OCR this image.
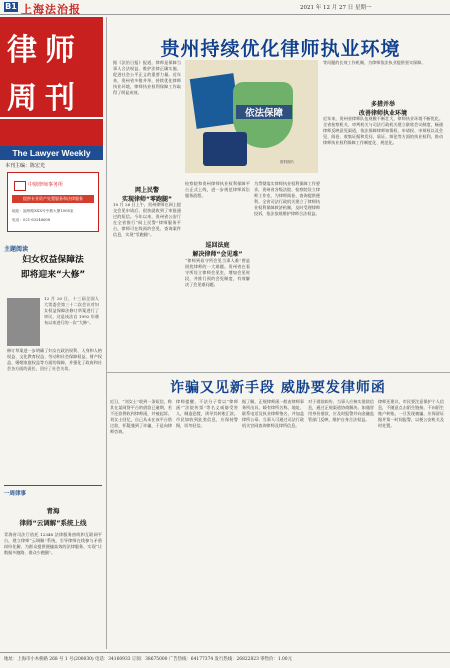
B1 上海法治报	2021 年 12 月 27 日 星期一
律师
周刊
The Lawyer Weekly
本刊主编：陈宏光
中鼎律师事务所
提供专业资产处置服务和法律服务
地址：福州路XXX号中鼎大厦1008室
电话：021-63248608
主题阅读
妇女权益保障法
即将迎来“大修”
12 月 20 日，十三届全国人大常委会第三十二次会议对妇女权益保障法修订草案进行了审议，这是该法自 1992 年颁布以来进行的一次“大修”。
修订草案进一步明确了妇女在政治权利、人身和人格权益、文化教育权益、劳动和社会保障权益、财产权益、婚姻家庭权益等方面的保障，并强化了政府和社会各方面的责任，回应了社会关切。
一周律事
青海
律师“云调解”系统上线
青海省司法厅依托 12348 法律服务热线和互联网平台，建立律师“云调解”系统，引导律师在线参与矛盾纠纷化解，为群众提供便捷高效的法律服务，实现“让数据多跑路、群众少跑腿”。
贵州持续优化律师执业环境
据《法治日报》报道，律师是保障当事人合法权益、维护法律正确实施、促进社会公平正义的重要力量。近年来，贵州省多措并举，持续优化律师执业环境，律师执业权利保障工作取得了明显成效。
网上民警
实现律师“零跑腿”
10 月 26 日上午，贵州律师在网上提交会见申请后，很快就收到了审批通过的短信。今年以来，贵州省公安厅在全省推行“网上民警”律师服务平台，律师可在线预约会见、查询案件信息，实现“零跑腿”。
依法保障
资料图片
等问题的长效工作机制，为律师依法执业提供坚实保障。
多措并举
改善律师执业环境
近年来，贵州省律师队伍规模不断壮大，律师执业环境不断优化。全省检察机关、审判机关与司法行政机关建立联席会议制度，畅通律师反映意见渠道，依法保障律师知情权、申请权、申辩权以及会见、阅卷、收集证据和发问、质证、辩论等方面的执业权利，推动律师执业权利保障工作制度化、规范化。
检察院和贵州律师执业权利保障平台正式上线，进一步规范律师诉讼服务流程。
巡回法庭
解决律师“会见难”
“律师到看守所会见当事人难”曾是困扰律师的一大难题。贵州省在看守所设立律师会见室，增加会见时段，并推行预约会见制度，有效解决了会见难问题。
为贯彻落实律师执业权利保障工作要求，贵州省各级法院、检察院设立律师工作室，为律师阅卷、查询提供便利。全省司法行政机关建立了律师执业权利保障救济机制，及时受理律师投诉，依法依规维护律师合法权益。
诈骗又见新手段 威胁要发律师函
近日，“刘女士”收到一条短信，称其在某网贷平台的借款已逾期，若不还款将收到律师函，并被起诉。刘女士回忆，自己从未在该平台借过款，怀疑遇到了诈骗，于是向律师咨询。
律师提醒，不法分子常以“律师函”“法院传票”等名义威胁受害人，制造恐慌，诱导其转账汇款。市民如收到此类信息，应保持警惕，切勿轻信。
据了解，正规律师函一般由律师事务所出具，载有律所名称、地址、联系电话及执业律师签名，并加盖律所公章。当事人可通过司法行政机关官网查询律师及律所信息。
对于借款纠纷，当事人应核实借款信息，通过正规渠道协商解决。如遇冒用身份借款，应及时报警并向金融监管部门反映，维护自身合法权益。
律师还建议，市民要注意保护个人信息，不随意点击陌生链接，不向陌生账户转账。一旦发现被骗，应保留证据并第一时间报警，以便公安机关及时处置。
地址：上海市小木桥路 268 号 1 号(200030) 电话：34160933 订阅：38675000 广告热线：64177374 发行热线：26822823 零售价：1.00元
